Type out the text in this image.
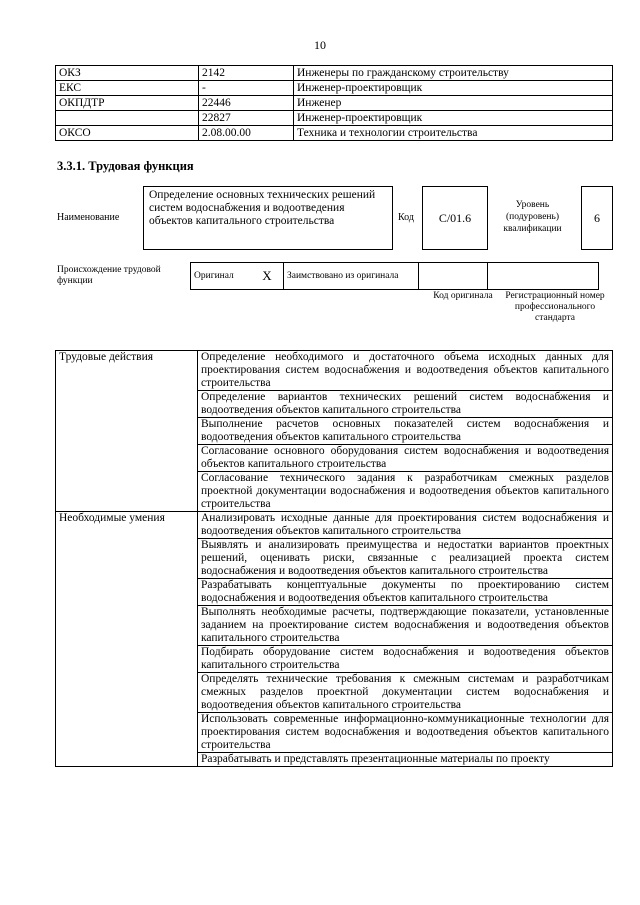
10
ОКЗ	2142	Инженеры по гражданскому строительству
ЕКС	-	Инженер-проектировщик
ОКПДТР	22446	Инженер
	22827	Инженер-проектировщик
ОКСО	2.08.00.00	Техника и технологии строительства
3.3.1. Трудовая функция
Наименование
Определение основных технических решений систем водоснабжения и водоотведения объектов капитального строительства	Код	C/01.6
Уровень (подуровень) квалификации
6
Происхождение трудовой функции	Оригинал	X	Заимствовано из оригинала		
Код оригинала	Регистрационный номер профессионального стандарта
Трудовые действия	Определение необходимого и достаточного объема исходных данных для проектирования систем водоснабжения и водоотведения объектов капитального строительства
	Определение вариантов технических решений систем водоснабжения и водоотведения объектов капитального строительства
	Выполнение расчетов основных показателей систем водоснабжения и водоотведения объектов капитального строительства
	Согласование основного оборудования систем водоснабжения и водоотведения объектов капитального строительства
	Согласование технического задания к разработчикам смежных разделов проектной документации водоснабжения и водоотведения объектов капитального строительства
Необходимые умения	Анализировать исходные данные для проектирования систем водоснабжения и водоотведения объектов капитального строительства
	Выявлять и анализировать преимущества и недостатки вариантов проектных решений, оценивать риски, связанные с реализацией проекта систем водоснабжения и водоотведения объектов капитального строительства
	Разрабатывать концептуальные документы по проектированию систем водоснабжения и водоотведения объектов капитального строительства
	Выполнять необходимые расчеты, подтверждающие показатели, установленные заданием на проектирование систем водоснабжения и водоотведения объектов капитального строительства
	Подбирать оборудование систем водоснабжения и водоотведения объектов капитального строительства
	Определять технические требования к смежным системам и разработчикам смежных разделов проектной документации систем водоснабжения и водоотведения объектов капитального строительства
	Использовать современные информационно-коммуникационные технологии для проектирования систем водоснабжения и водоотведения объектов капитального строительства
	Разрабатывать и представлять презентационные материалы по проекту
